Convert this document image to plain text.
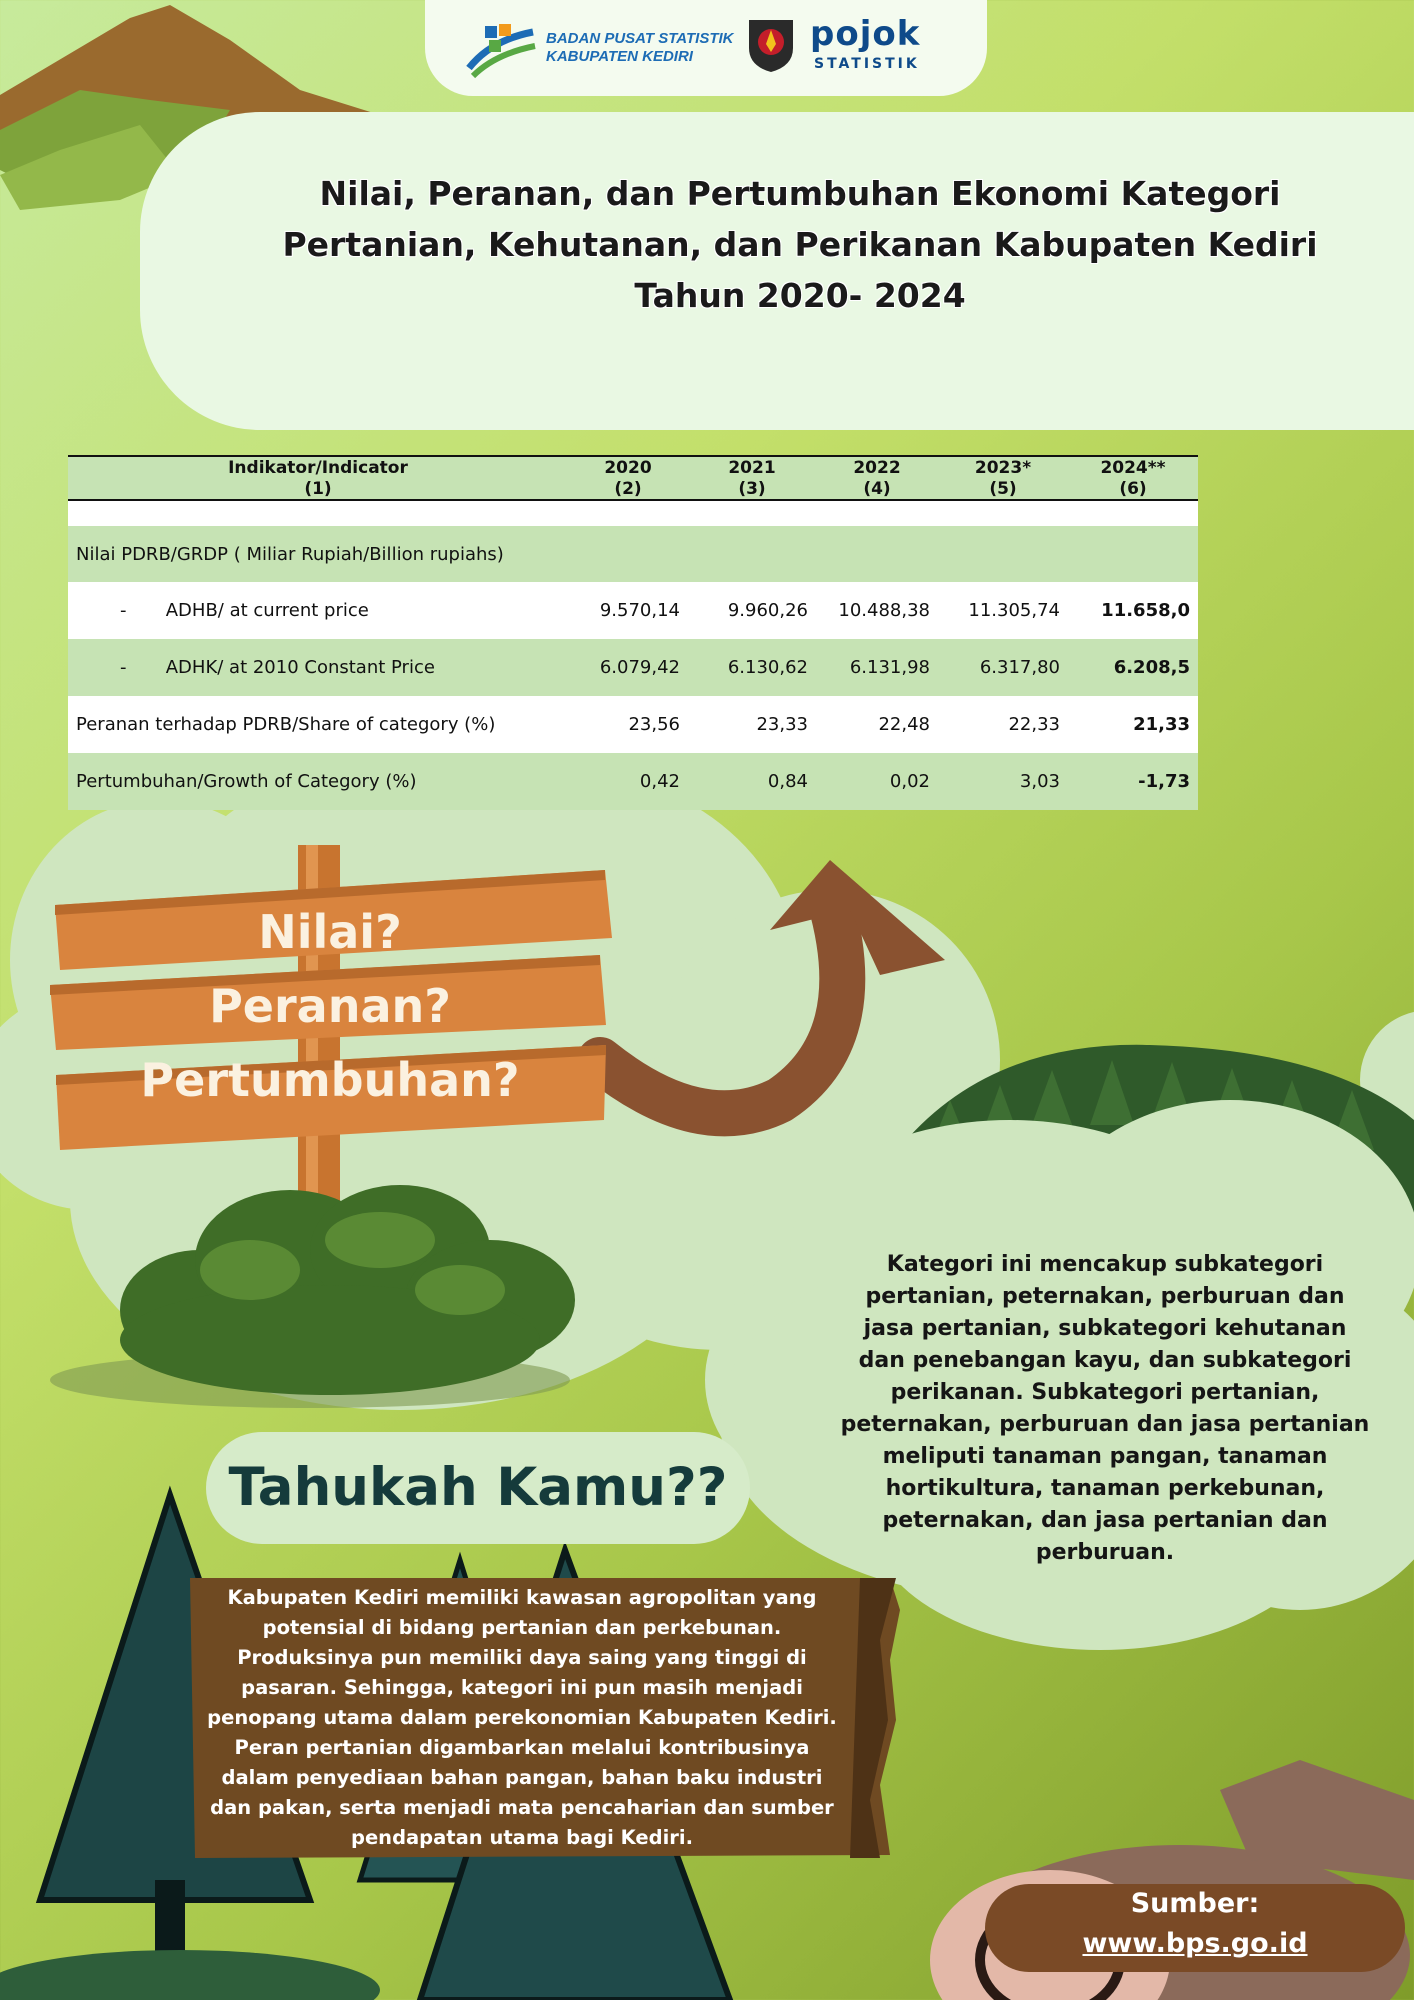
BADAN PUSAT STATISTIK
KABUPATEN KEDIRI
pojok
STATISTIK
Nilai, Peranan, dan Pertumbuhan Ekonomi Kategori
Pertanian, Kehutanan, dan Perikanan Kabupaten Kediri
Tahun 2020- 2024
Indikator/Indicator	2020	2021	2022	2023*	2024**
(1)	(2)	(3)	(4)	(5)	(6)

Nilai PDRB/GRDP ( Miliar Rupiah/Billion rupiahs)					
- ADHB/ at current price	9.570,14	9.960,26	10.488,38	11.305,74	11.658,0
- ADHK/ at 2010 Constant Price	6.079,42	6.130,62	6.131,98	6.317,80	6.208,5
Peranan terhadap PDRB/Share of category (%)	23,56	23,33	22,48	22,33	21,33
Pertumbuhan/Growth of Category (%)	0,42	0,84	0,02	3,03	-1,73
Nilai?
Peranan?
Pertumbuhan?
Kategori ini mencakup subkategori pertanian, peternakan, perburuan dan jasa pertanian, subkategori kehutanan dan penebangan kayu, dan subkategori perikanan. Subkategori pertanian, peternakan, perburuan dan jasa pertanian meliputi tanaman pangan, tanaman hortikultura, tanaman perkebunan, peternakan, dan jasa pertanian dan perburuan.
Tahukah Kamu??
Kabupaten Kediri memiliki kawasan agropolitan yang potensial di bidang pertanian dan perkebunan. Produksinya pun memiliki daya saing yang tinggi di pasaran. Sehingga, kategori ini pun masih menjadi penopang utama dalam perekonomian Kabupaten Kediri. Peran pertanian digambarkan melalui kontribusinya dalam penyediaan bahan pangan, bahan baku industri dan pakan, serta menjadi mata pencaharian dan sumber pendapatan utama bagi Kediri.
Sumber:
www.bps.go.id
